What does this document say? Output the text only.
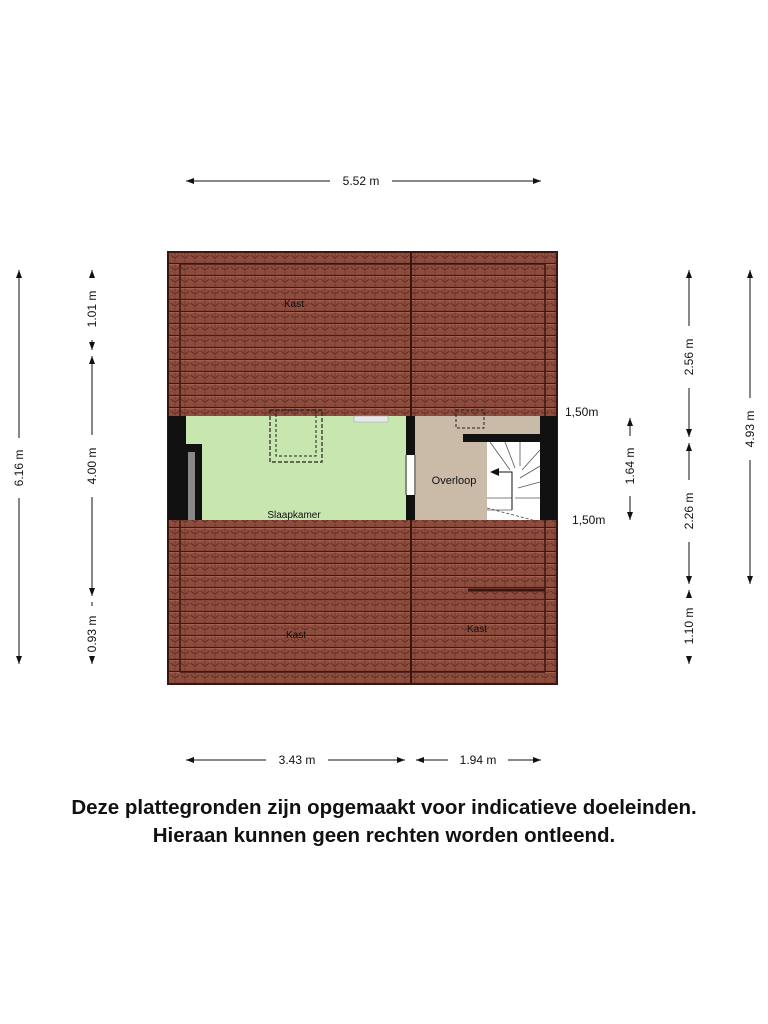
Kast
Slaapkamer
Overloop
Kast
Kast
5.52 m
3.43 m	1.94 m
6.16 m
1.01 m
4.00 m
0.93 m
2.56 m
2.26 m
1.10 m
4.93 m
1.64 m
1,50m
1,50m
Deze plattegronden zijn opgemaakt voor indicatieve doeleinden.
Hieraan kunnen geen rechten worden ontleend.
